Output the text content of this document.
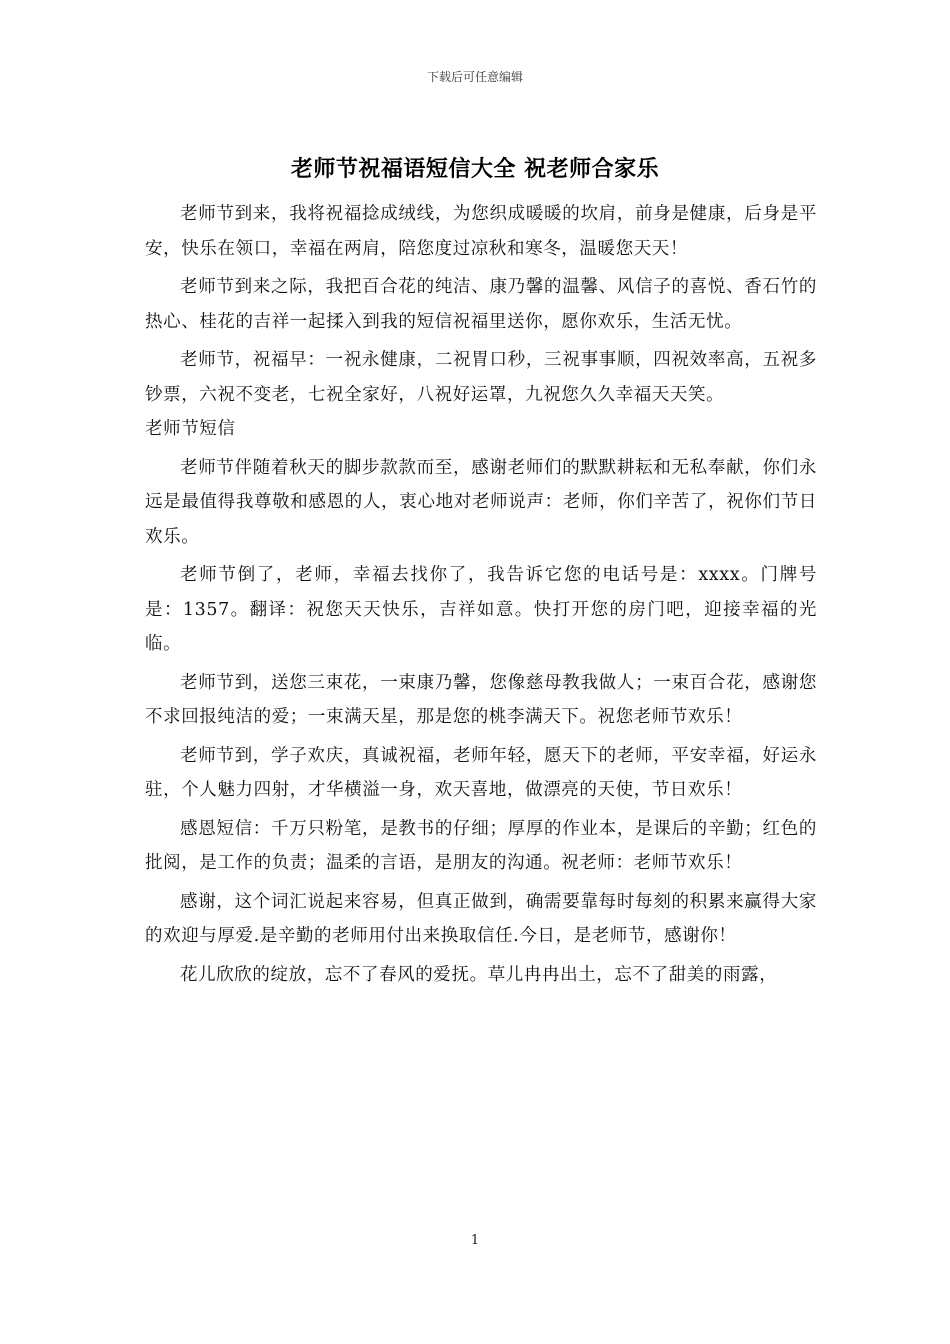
下载后可任意编辑
老师节祝福语短信大全 祝老师合家乐

老师节到来，我将祝福捻成绒线，为您织成暖暖的坎肩，前身是健康，后身是平安，快乐在领口，幸福在两肩，陪您度过凉秋和寒冬，温暖您天天！

老师节到来之际，我把百合花的纯洁、康乃馨的温馨、风信子的喜悦、香石竹的热心、桂花的吉祥一起揉入到我的短信祝福里送你，愿你欢乐，生活无忧。

老师节，祝福早：一祝永健康，二祝胃口秒，三祝事事顺，四祝效率高，五祝多钞票，六祝不变老，七祝全家好，八祝好运罩，九祝您久久幸福天天笑。

老师节短信

老师节伴随着秋天的脚步款款而至，感谢老师们的默默耕耘和无私奉献，你们永远是最值得我尊敬和感恩的人，衷心地对老师说声：老师，你们辛苦了，祝你们节日欢乐。

老师节倒了，老师，幸福去找你了，我告诉它您的电话号是：xxxx。门牌号是：1357。翻译：祝您天天快乐，吉祥如意。快打开您的房门吧，迎接幸福的光临。

老师节到，送您三束花，一束康乃馨，您像慈母教我做人；一束百合花，感谢您不求回报纯洁的爱；一束满天星，那是您的桃李满天下。祝您老师节欢乐！

老师节到，学子欢庆，真诚祝福，老师年轻，愿天下的老师，平安幸福，好运永驻，个人魅力四射，才华横溢一身，欢天喜地，做漂亮的天使，节日欢乐！

感恩短信：千万只粉笔，是教书的仔细；厚厚的作业本，是课后的辛勤；红色的批阅，是工作的负责；温柔的言语，是朋友的沟通。祝老师：老师节欢乐！

感谢，这个词汇说起来容易，但真正做到，确需要靠每时每刻的积累来赢得大家的欢迎与厚爱.是辛勤的老师用付出来换取信任.今日，是老师节，感谢你！

花儿欣欣的绽放，忘不了春风的爱抚。草儿冉冉出土，忘不了甜美的雨露，

1
